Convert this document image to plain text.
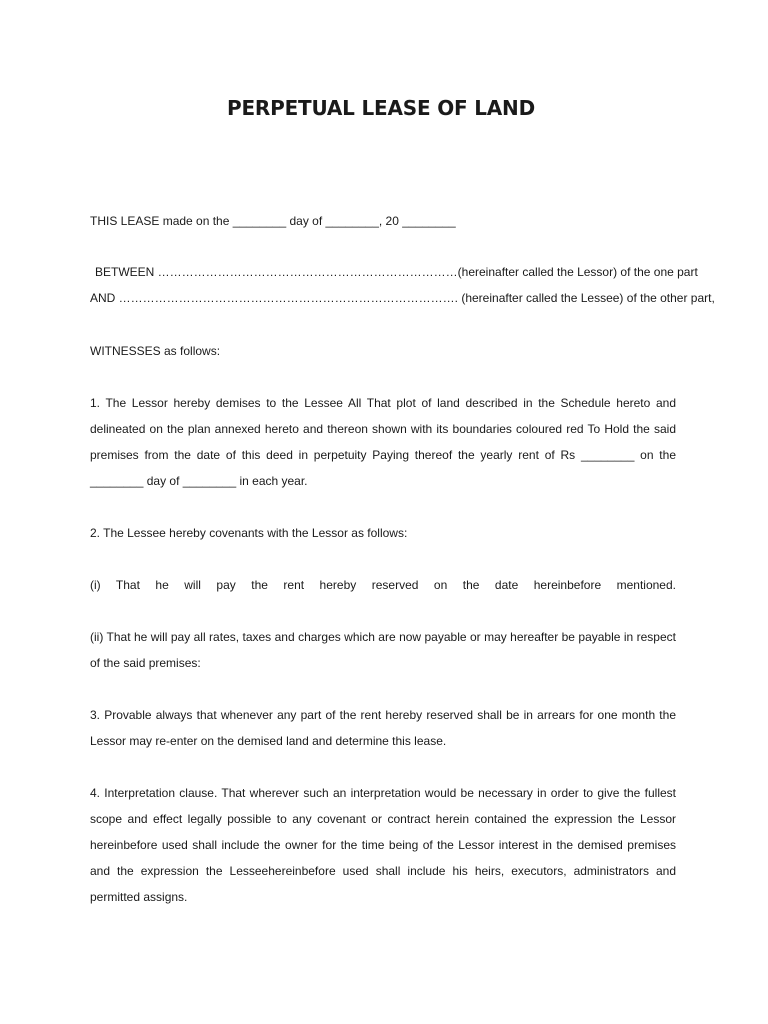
PERPETUAL LEASE OF LAND

THIS LEASE made on the ________ day of ________, 20 ________

BETWEEN ………………………………………………………………… (hereinafter called the Lessor) of the one part
AND …………………………………………………………………………. (hereinafter called the Lessee) of the other part,

WITNESSES as follows:

1. The Lessor hereby demises to the Lessee All That plot of land described in the Schedule hereto and delineated on the plan annexed hereto and thereon shown with its boundaries coloured red To Hold the said premises from the date of this deed in perpetuity Paying thereof the yearly rent of Rs ________ on the ________ day of ________ in each year.

2. The Lessee hereby covenants with the Lessor as follows:

(i) That he will pay the rent hereby reserved on the date hereinbefore mentioned.

(ii) That he will pay all rates, taxes and charges which are now payable or may hereafter be payable in respect of the said premises:

3. Provable always that whenever any part of the rent hereby reserved shall be in arrears for one month the Lessor may re-enter on the demised land and determine this lease.

4. Interpretation clause. That wherever such an interpretation would be necessary in order to give the fullest scope and effect legally possible to any covenant or contract herein contained the expression the Lessor hereinbefore used shall include the owner for the time being of the Lessor interest in the demised premises and the expression the Lesseehereinbefore used shall include his heirs, executors, administrators and permitted assigns.
